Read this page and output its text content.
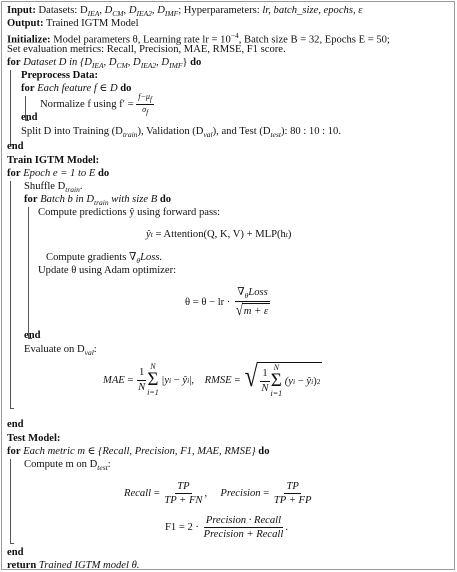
Input: Datasets: $D_{IEA}$, $D_{CM}$, $D_{IEA2}$, $D_{IMF}$; Hyperparameters: lr, batch_size, epochs, ε
Output: Trained IGTM Model
Initialize: Model parameters θ, Learning rate lr = $10^{-4}$, Batch size B = 32, Epochs E = 50;
Set evaluation metrics: Recall, Precision, MAE, RMSE, F1 score.
for Dataset D in {$D_{IEA}$, $D_{CM}$, $D_{IEA2}$, $D_{IMF}$} do
Preprocess Data:
for Each feature f ∈ D do
Normalize f using f′ =
$\frac{f-\mu_f}{\sigma_f}$
end
Split D into Training $(D_{train})$, Validation $(D_{val})$, and Test $(D_{test})$: 80 : 10 : 10.
end
Train IGTM Model:
for Epoch e = 1 to E do
Shuffle $D_{train}$.
for Batch b in $D_{train}$ with size B do
Compute predictions ŷ using forward pass:
ŷ t
= Attention(Q, K, V) + MLP(h t )
Compute gradients $\nabla_\theta Loss$.
Update θ using Adam optimizer:
θ = θ − lr ·
$\frac{\nabla_\theta Loss}{√ m + \varepsilon}$
end
Evaluate on $D_{val}$:
MAE = $\frac{1}{N}$
N
Σ
i=1

|y i − ŷ i |,
RMSE = √ $\frac{1}{N}$
N
Σ
i=1

(y i − ŷ i ) 2
end
Test Model:
for Each metric m ∈ {Recall, Precision, F1, MAE, RMSE} do
Compute m on $D_{test}$:
Recall = $\frac{TP}{TP + FN}$ , Precision = $\frac{TP}{TP + FP}$
F1 = 2 ·
$\frac{\text{Precision · Recall}}{\text{Precision + Recall}}$ .
end
return Trained IGTM model θ.
